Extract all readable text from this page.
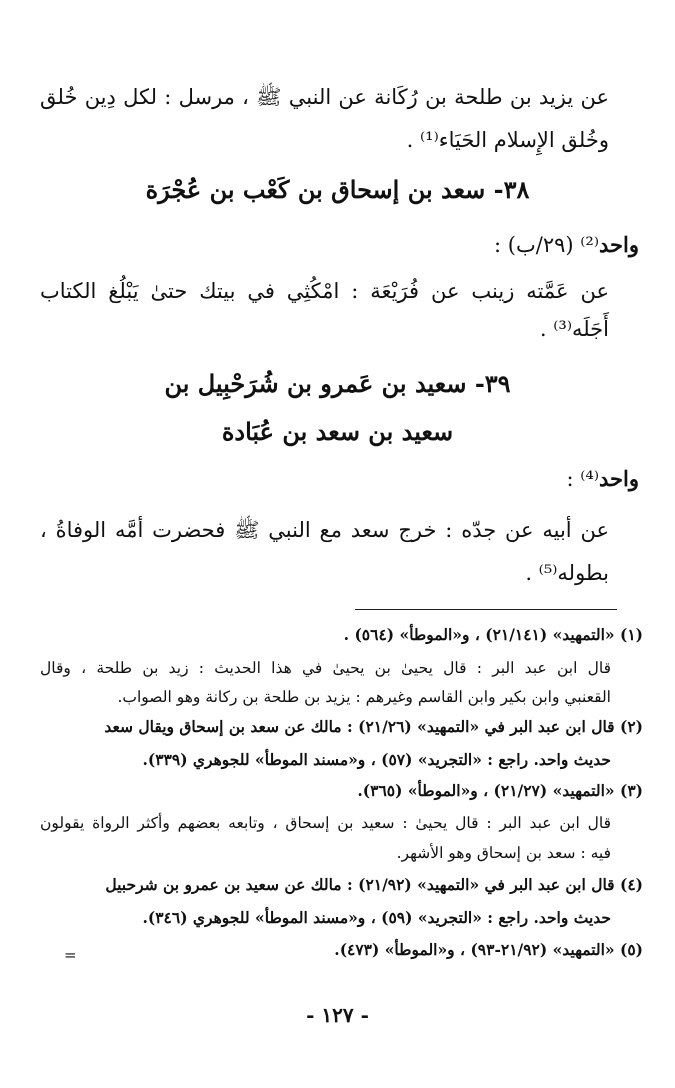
عن يزيد بن طلحة بن رُكَانة عن النبي ﷺ ، مرسل : لكل دِين خُلق
وخُلق الإِسلام الحَيَاء⁽¹⁾ .
٣٨- سعد بن إسحاق بن كَعْب بن عُجْرَة
واحد⁽²⁾ (٢٩/ب) :
عن عَمَّته زينب عن فُرَيْعَة : امْكُثِي في بيتك حتىٰ يَبْلُغ الكتاب
أَجَلَه⁽³⁾ .
٣٩- سعيد بن عَمرو بن شُرَحْبِيل بن
سعيد بن سعد بن عُبَادة
واحد⁽⁴⁾ :
عن أبيه عن جدّه : خرج سعد مع النبي ﷺ فحضرت أمَّه الوفاةُ ،
بطوله⁽⁵⁾ .
(١) «التمهيد» (٢١/١٤١) ، و«الموطأ» (٥٦٤) .
قال ابن عبد البر : قال يحيىٰ بن يحيىٰ في هذا الحديث : زيد بن طلحة ، وقال
القعنبي وابن بكير وابن القاسم وغيرهم : يزيد بن طلحة بن ركانة وهو الصواب.
(٢) قال ابن عبد البر في «التمهيد» (٢١/٢٦) : مالك عن سعد بن إسحاق ويقال سعد
حديث واحد. راجع : «التجريد» (٥٧) ، و«مسند الموطأ» للجوهري (٣٣٩).
(٣) «التمهيد» (٢١/٢٧) ، و«الموطأ» (٣٦٥).
قال ابن عبد البر : قال يحيىٰ : سعيد بن إسحاق ، وتابعه بعضهم وأكثر الرواة يقولون
فيه : سعد بن إسحاق وهو الأشهر.
(٤) قال ابن عبد البر في «التمهيد» (٢١/٩٢) : مالك عن سعيد بن عمرو بن شرحبيل
حديث واحد. راجع : «التجريد» (٥٩) ، و«مسند الموطأ» للجوهري (٣٤٦).
(٥) «التمهيد» (٢١/٩٢-٩٣) ، و«الموطأ» (٤٧٣).
=
- ١٢٧ -
